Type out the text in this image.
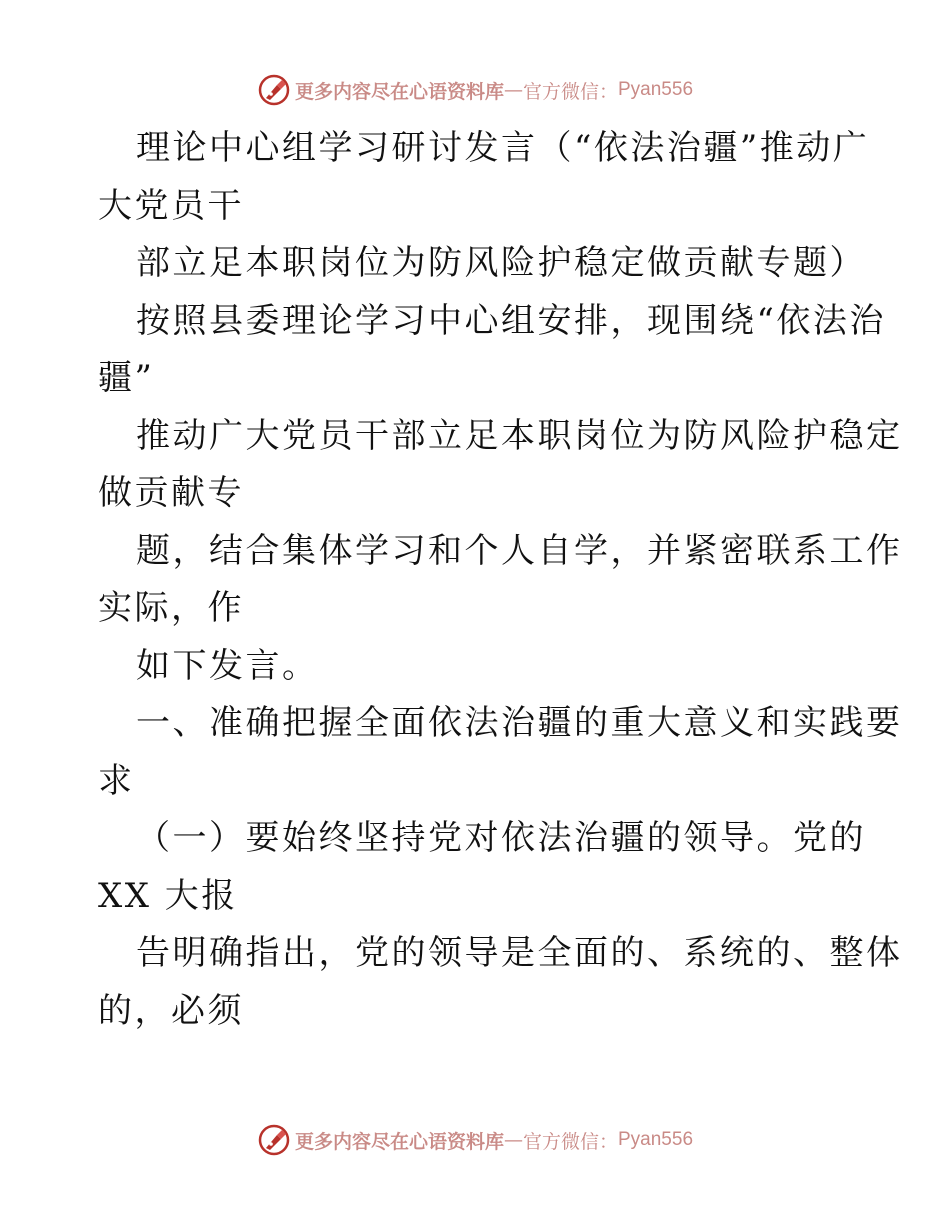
更多内容尽在心语资料库 — 官方微信： Pyan556
理论中心组学习研讨发言（“依法治疆”推动广
大党员干
部立足本职岗位为防风险护稳定做贡献专题）
按照县委理论学习中心组安排，现围绕“依法治
疆”
推动广大党员干部立足本职岗位为防风险护稳定
做贡献专
题，结合集体学习和个人自学，并紧密联系工作
实际，作
如下发言。
一、准确把握全面依法治疆的重大意义和实践要
求
（一）要始终坚持党对依法治疆的领导。党的
XX 大报
告明确指出，党的领导是全面的、系统的、整体
的，必须
更多内容尽在心语资料库 — 官方微信： Pyan556
